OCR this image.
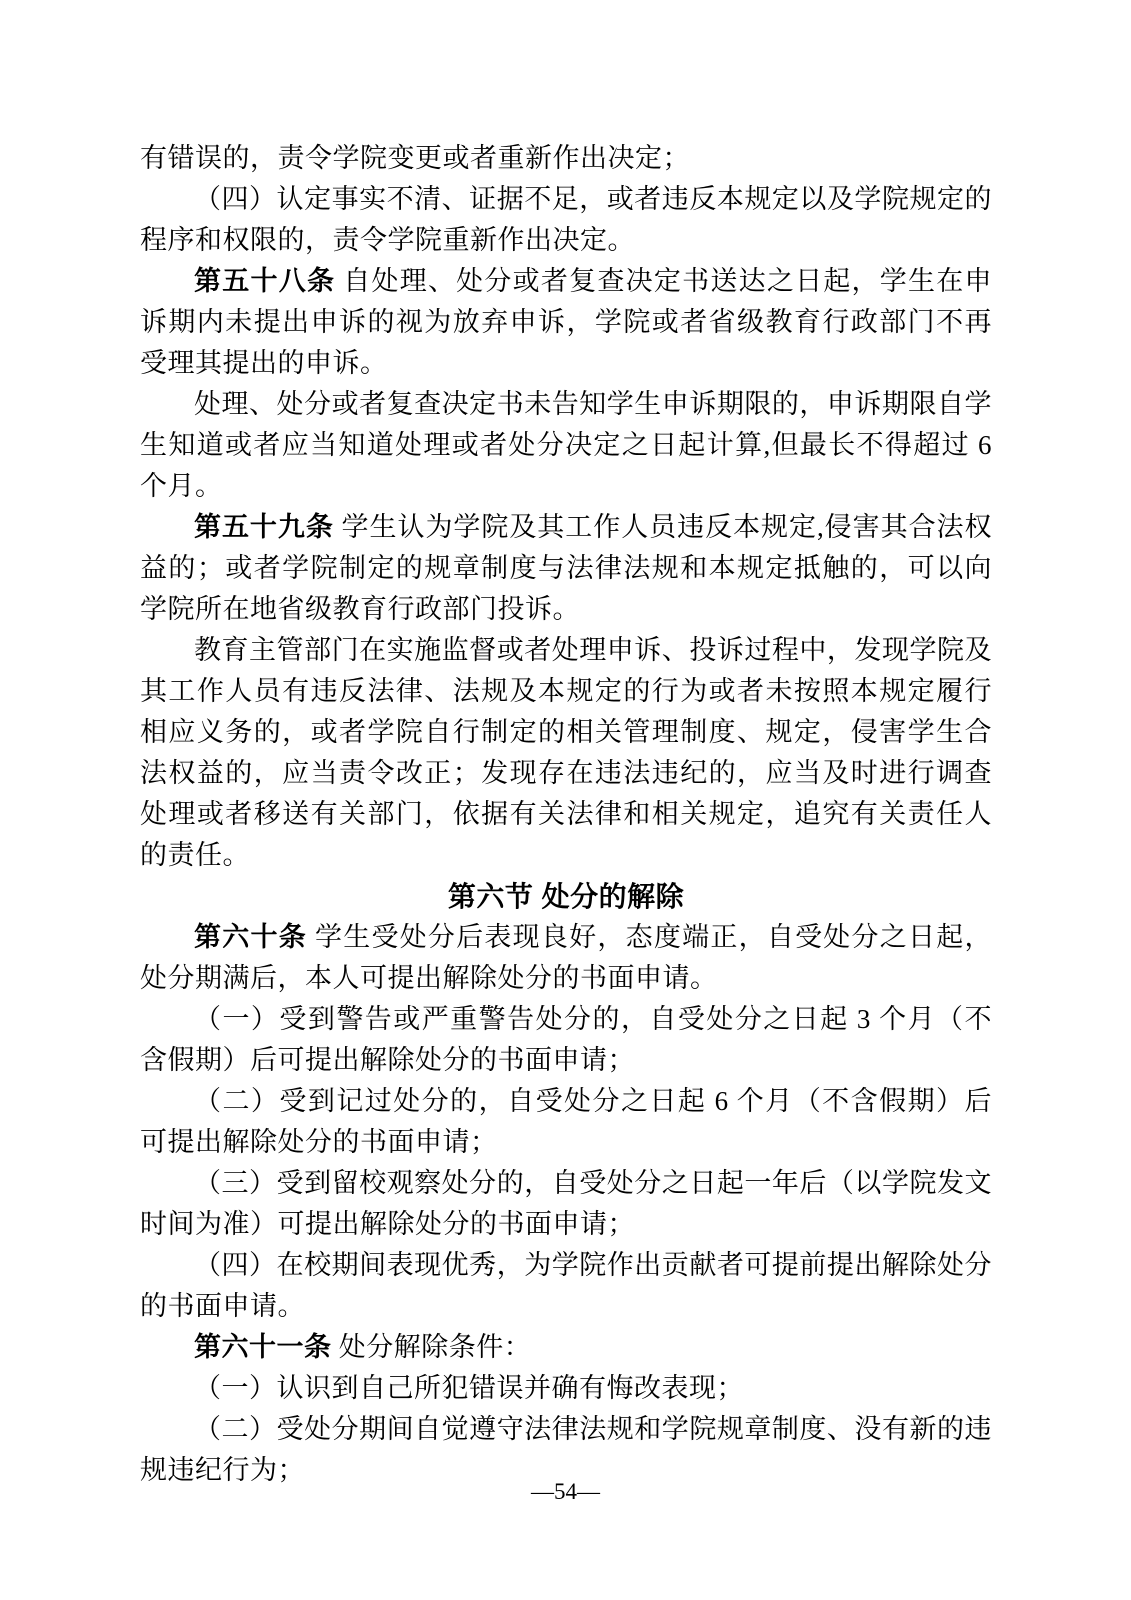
有错误的，责令学院变更或者重新作出决定；

（四）认定事实不清、证据不足，或者违反本规定以及学院规定的程序和权限的，责令学院重新作出决定。

第五十八条 自处理、处分或者复查决定书送达之日起，学生在申诉期内未提出申诉的视为放弃申诉，学院或者省级教育行政部门不再受理其提出的申诉。

处理、处分或者复查决定书未告知学生申诉期限的，申诉期限自学生知道或者应当知道处理或者处分决定之日起计算,但最长不得超过 6 个月。

第五十九条 学生认为学院及其工作人员违反本规定,侵害其合法权益的；或者学院制定的规章制度与法律法规和本规定抵触的，可以向学院所在地省级教育行政部门投诉。

教育主管部门在实施监督或者处理申诉、投诉过程中，发现学院及其工作人员有违反法律、法规及本规定的行为或者未按照本规定履行相应义务的，或者学院自行制定的相关管理制度、规定，侵害学生合法权益的，应当责令改正；发现存在违法违纪的，应当及时进行调查处理或者移送有关部门，依据有关法律和相关规定，追究有关责任人的责任。

第六节 处分的解除

第六十条 学生受处分后表现良好，态度端正，自受处分之日起，处分期满后，本人可提出解除处分的书面申请。

（一）受到警告或严重警告处分的，自受处分之日起 3 个月（不含假期）后可提出解除处分的书面申请；

（二）受到记过处分的，自受处分之日起 6 个月（不含假期）后可提出解除处分的书面申请；

（三）受到留校观察处分的，自受处分之日起一年后（以学院发文时间为准）可提出解除处分的书面申请；

（四）在校期间表现优秀，为学院作出贡献者可提前提出解除处分的书面申请。

第六十一条 处分解除条件：

（一）认识到自己所犯错误并确有悔改表现；

（二）受处分期间自觉遵守法律法规和学院规章制度、没有新的违规违纪行为；

—54—
